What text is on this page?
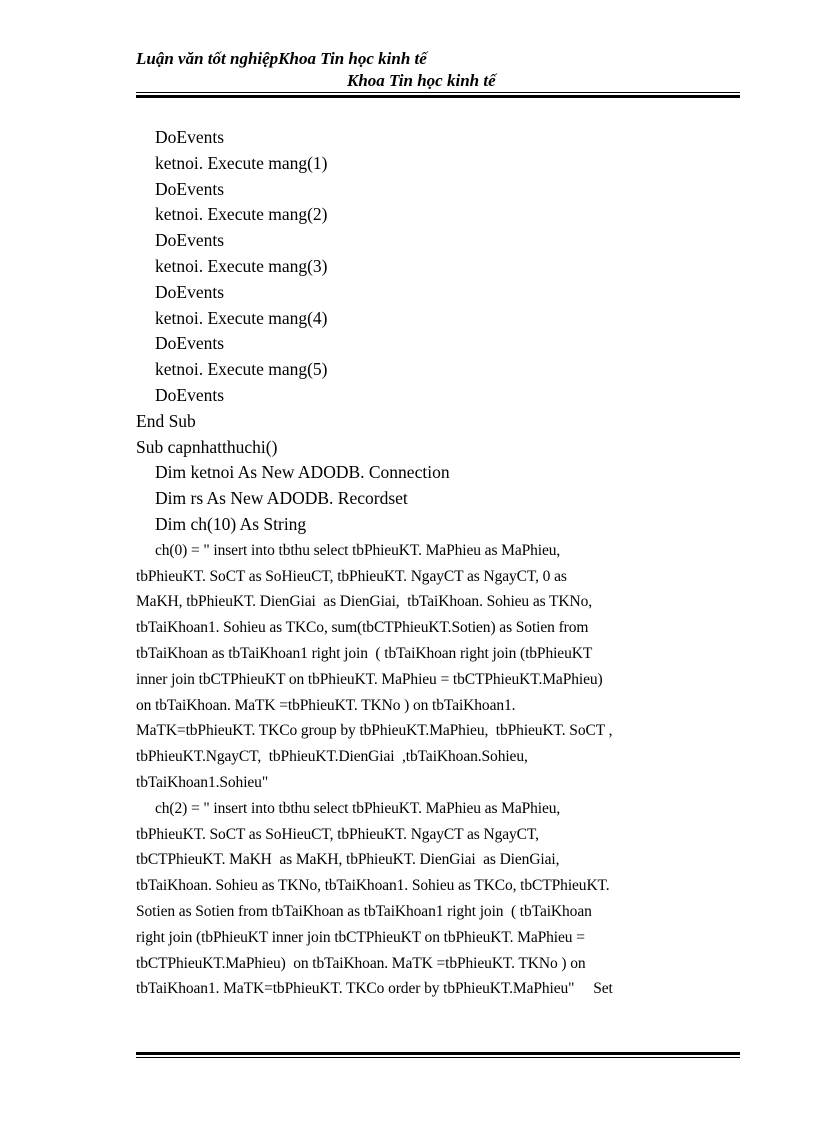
Luận văn tốt nghiệpKhoa Tin học kinh tế
Khoa Tin học kinh tế
DoEvents
ketnoi. Execute mang(1)
DoEvents
ketnoi. Execute mang(2)
DoEvents
ketnoi. Execute mang(3)
DoEvents
ketnoi. Execute mang(4)
DoEvents
ketnoi. Execute mang(5)
DoEvents
End Sub
Sub capnhatthuchi()
Dim ketnoi As New ADODB. Connection
Dim rs As New ADODB. Recordset
Dim ch(10) As String
ch(0) = " insert into tbthu select tbPhieuKT. MaPhieu as MaPhieu,
tbPhieuKT. SoCT as SoHieuCT, tbPhieuKT. NgayCT as NgayCT, 0 as
MaKH, tbPhieuKT. DienGiai  as DienGiai,  tbTaiKhoan. Sohieu as TKNo,
tbTaiKhoan1. Sohieu as TKCo, sum(tbCTPhieuKT.Sotien) as Sotien from
tbTaiKhoan as tbTaiKhoan1 right join  ( tbTaiKhoan right join (tbPhieuKT
inner join tbCTPhieuKT on tbPhieuKT. MaPhieu = tbCTPhieuKT.MaPhieu)
on tbTaiKhoan. MaTK =tbPhieuKT. TKNo ) on tbTaiKhoan1.
MaTK=tbPhieuKT. TKCo group by tbPhieuKT.MaPhieu,  tbPhieuKT. SoCT ,
tbPhieuKT.NgayCT,  tbPhieuKT.DienGiai  ,tbTaiKhoan.Sohieu,
tbTaiKhoan1.Sohieu"
ch(2) = " insert into tbthu select tbPhieuKT. MaPhieu as MaPhieu,
tbPhieuKT. SoCT as SoHieuCT, tbPhieuKT. NgayCT as NgayCT,
tbCTPhieuKT. MaKH  as MaKH, tbPhieuKT. DienGiai  as DienGiai,
tbTaiKhoan. Sohieu as TKNo, tbTaiKhoan1. Sohieu as TKCo, tbCTPhieuKT.
Sotien as Sotien from tbTaiKhoan as tbTaiKhoan1 right join  ( tbTaiKhoan
right join (tbPhieuKT inner join tbCTPhieuKT on tbPhieuKT. MaPhieu =
tbCTPhieuKT.MaPhieu)  on tbTaiKhoan. MaTK =tbPhieuKT. TKNo ) on
tbTaiKhoan1. MaTK=tbPhieuKT. TKCo order by tbPhieuKT.MaPhieu"     Set
